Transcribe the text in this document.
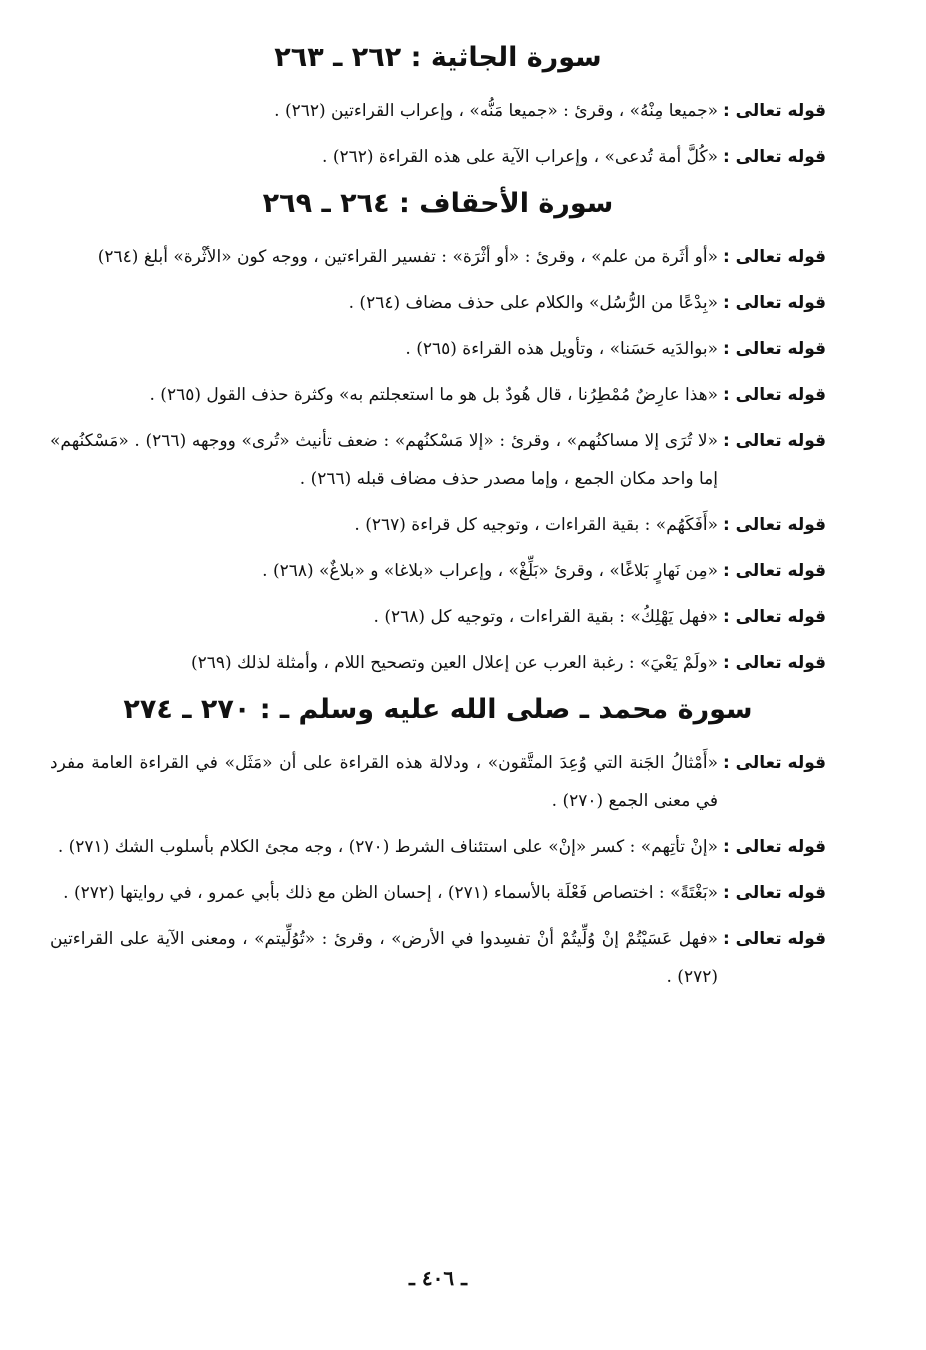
سورة الجاثية : ٢٦٢ ـ ٢٦٣
قوله تعالى :
«جميعا مِنْهُ» ، وقرئ : «جميعا مَنُّه» ، وإعراب القراءتين (٢٦٢) .
قوله تعالى :
«كُلَّ أمة تُدعى» ، وإعراب الآية على هذه القراءة (٢٦٢) .
سورة الأحقاف : ٢٦٤ ـ ٢٦٩
قوله تعالى :
«أو أثَرة من علم» ، وقرئ : «أو أثْرَة» : تفسير القراءتين ، ووجه كون «الأثْرة» أبلغ (٢٦٤)
قوله تعالى :
«بِدْعًا من الرُّسُل» والكلام على حذف مضاف (٢٦٤) .
قوله تعالى :
«بوالدَيه حَسَنا» ، وتأويل هذه القراءة (٢٦٥) .
قوله تعالى :
«هذا عارِضٌ مُمْطِرُنا ، قال هُودٌ بل هو ما استعجلتم به» وكثرة حذف القول (٢٦٥) .
قوله تعالى :
«لا تُرَى إلا مساكنُهم» ، وقرئ : «إلا مَسْكنُهم» : ضعف تأنيث «تُرى» ووجهه (٢٦٦) . «مَسْكنُهم» إما واحد مكان الجمع ، وإما مصدر حذف مضاف قبله (٢٦٦) .
قوله تعالى :
«أَفَكَهُم» : بقية القراءات ، وتوجيه كل قراءة (٢٦٧) .
قوله تعالى :
«مِن نَهارٍ بَلاغًا» ، وقرئ «بَلِّغْ» ، وإعراب «بلاغا» و «بلاغٌ» (٢٦٨) .
قوله تعالى :
«فهل يَهْلِكُ» : بقية القراءات ، وتوجيه كل (٢٦٨) .
قوله تعالى :
«ولَمْ يَعْيَ» : رغبة العرب عن إعلال العين وتصحيح اللام ، وأمثلة لذلك (٢٦٩)
سورة محمد ـ صلى الله عليه وسلم ـ : ٢٧٠ ـ ٢٧٤
قوله تعالى :
«أَمْثالُ الجَنة التي وُعِدَ المتَّقون» ، ودلالة هذه القراءة على أن «مَثَل» في القراءة العامة مفرد في معنى الجمع (٢٧٠) .
قوله تعالى :
«إنْ تأتِهم» : كسر «إنْ» على استئناف الشرط (٢٧٠) ، وجه مجئ الكلام بأسلوب الشك (٢٧١) .
قوله تعالى :
«بَغْتَةً» : اختصاص فَعْلَة بالأسماء (٢٧١) ، إحسان الظن مع ذلك بأبي عمرو ، في روايتها (٢٧٢) .
قوله تعالى :
«فهل عَسَيْتُمْ إنْ وُلِّيتُمْ أنْ تفسِدوا في الأرض» ، وقرئ : «تُوُلِّيتم» ، ومعنى الآية على القراءتين (٢٧٢) .
ـ ٤٠٦ ـ
